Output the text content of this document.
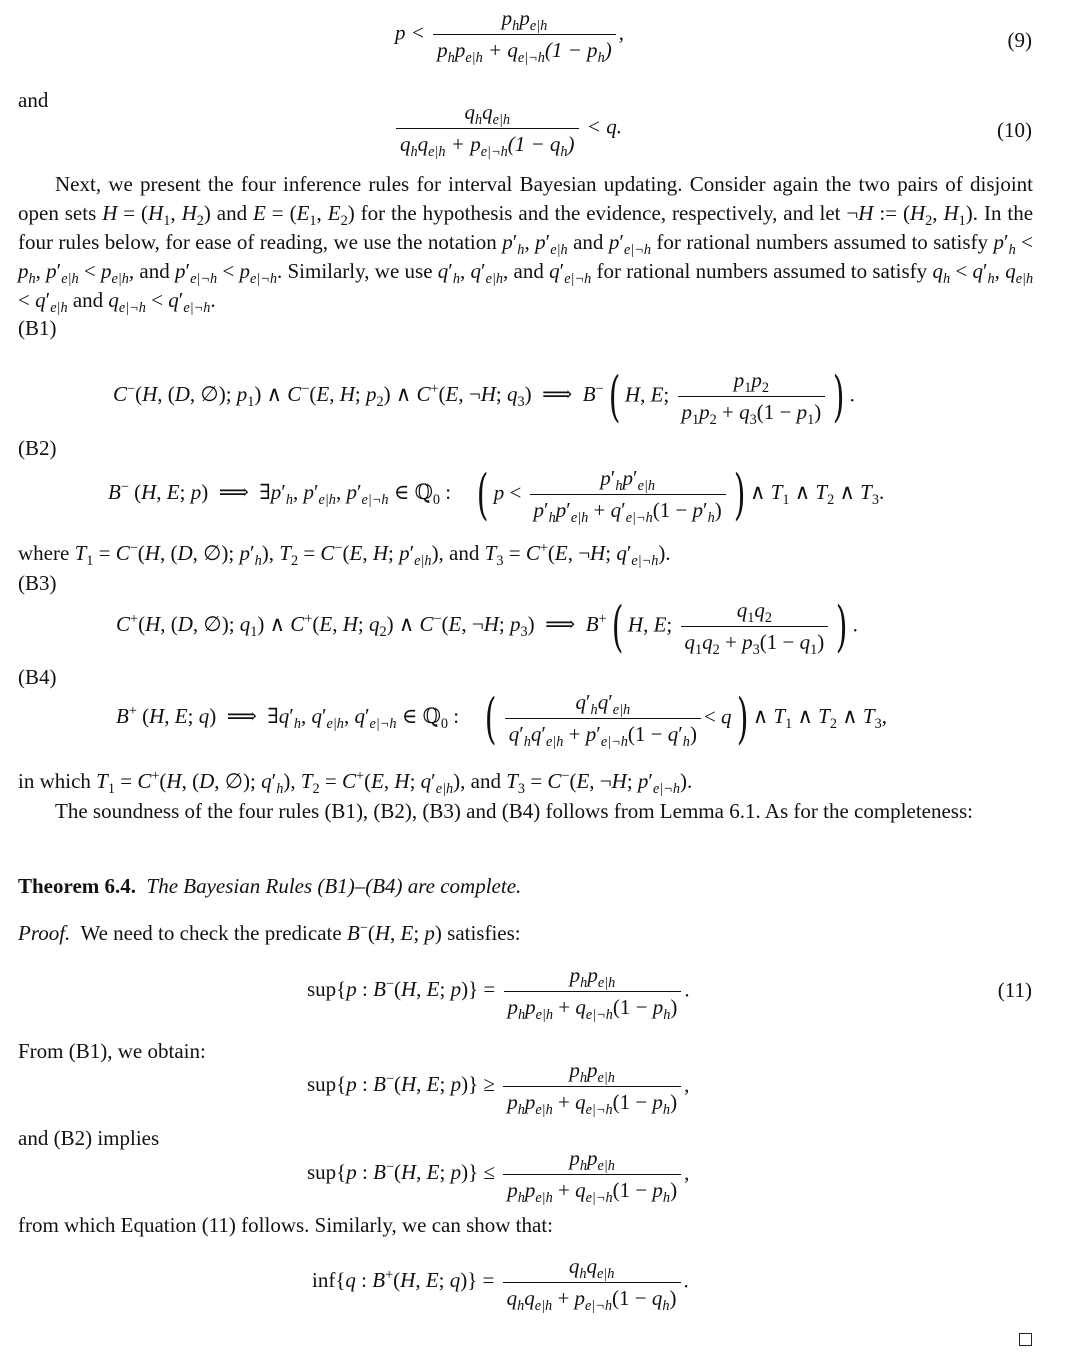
$p < \frac{p_hp_{e|h}}{p_hp_{e|h} + q_{e|\neg h}(1 - p_h)}$ ,	(9)
and	$\frac{q_hq_{e|h}}{q_hq_{e|h} + p_{e|\neg h}(1 - q_h)} < q$.	(10)
Next, we present the four inference rules for interval Bayesian updating. Consider again the two pairs of disjoint open sets $H = (H_1$, $H_2$) and $E = (E_1$, $E_2$) for the hypothesis and the evidence, respectively, and let ¬H := ($H_2$, $H_1$). In the four rules below, for ease of reading, we use the notation $p'_h$, $p'_{e|h}$ and $p'_{e|\neg h}$ for rational numbers assumed to satisfy $p'_h < p_h$, $p'_{e|h} < p_{e|h}$, and $p'_{e|\neg h} < p_{e|\neg h}$. Similarly, we use $q'_h$, $q'_{e|h}$, and $q'_{e|\neg h}$ for rational numbers assumed to satisfy $q_h < q'_h$, $q_{e|h} < q'_{e|h}$ and $q_{e|\neg h} < q'_{e|\neg h}$.
(B1)
C−(H, (D, ∅); $p_1$) ∧ C−(E, H; $p_2$) ∧ C+(E, ¬H; $q_3$)  ⟹  B−( H, E; $\frac{p_1p_2}{p_1p_2 + q_3(1 - p_1)}$ ) .
(B2)
B− (H, E; p)  ⟹  $\exists p'_h$, $p'_{e|h}$, $p'_{e|\neg h}$ ∈ ℚ$_0$ : ( $p < \frac{p'_hp'_{e|h}}{p'_hp'_{e|h} + q'_{e|\neg h}(1 - p'_h)}$ ) ∧ $T_1$ ∧ $T_2$ ∧ $T_3$.
where $T_1 = C^-(H$, (D, ∅); $p'_h$), $T_2 = C^-(E$, H; $p'_{e|h}$), and $T_3 = C^+(E$, ¬H; $q'_{e|\neg h}$).
(B3)
C+(H, (D, ∅); $q_1$) ∧ C+(E, H; $q_2$) ∧ C−(E, ¬H; $p_3$)  ⟹  B+( H, E; $\frac{q_1q_2}{q_1q_2 + p_3(1 - q_1)}$ ) .
(B4)
B+ (H, E; q)  ⟹  $\exists q'_h$, $q'_{e|h}$, $q'_{e|\neg h}$ ∈ ℚ$_0$ : ( $\frac{q'_hq'_{e|h}}{q'_hq'_{e|h} + p'_{e|\neg h}(1 - q'_h)} < q$) ∧ $T_1$ ∧ $T_2$ ∧ $T_3$,
in which $T_1 = C^+(H$, (D, ∅); $q'_h$), $T_2 = C^+(E$, H; $q'_{e|h}$), and $T_3 = C^-(E$, ¬H; $p'_{e|\neg h}$).
The soundness of the four rules (B1), (B2), (B3) and (B4) follows from Lemma 6.1. As for the completeness:
Theorem 6.4. The Bayesian Rules (B1)–(B4) are complete.
Proof. We need to check the predicate B−(H, E; p) satisfies:
sup{p : B−(H, E; $p)\} = \frac{p_hp_{e|h}}{p_hp_{e|h} + q_{e|\neg h}(1 - p_h)}$ .	(11)
From (B1), we obtain:
sup{p : B−(H, E; $p)\} \ge \frac{p_hp_{e|h}}{p_hp_{e|h} + q_{e|\neg h}(1 - p_h)}$ ,
and (B2) implies
sup{p : B−(H, E; $p)\} \le \frac{p_hp_{e|h}}{p_hp_{e|h} + q_{e|\neg h}(1 - p_h)}$ ,
from which Equation (11) follows. Similarly, we can show that:
inf{q : B+(H, E; $q)\} = \frac{q_hq_{e|h}}{q_hq_{e|h} + p_{e|\neg h}(1 - q_h)}$ .
